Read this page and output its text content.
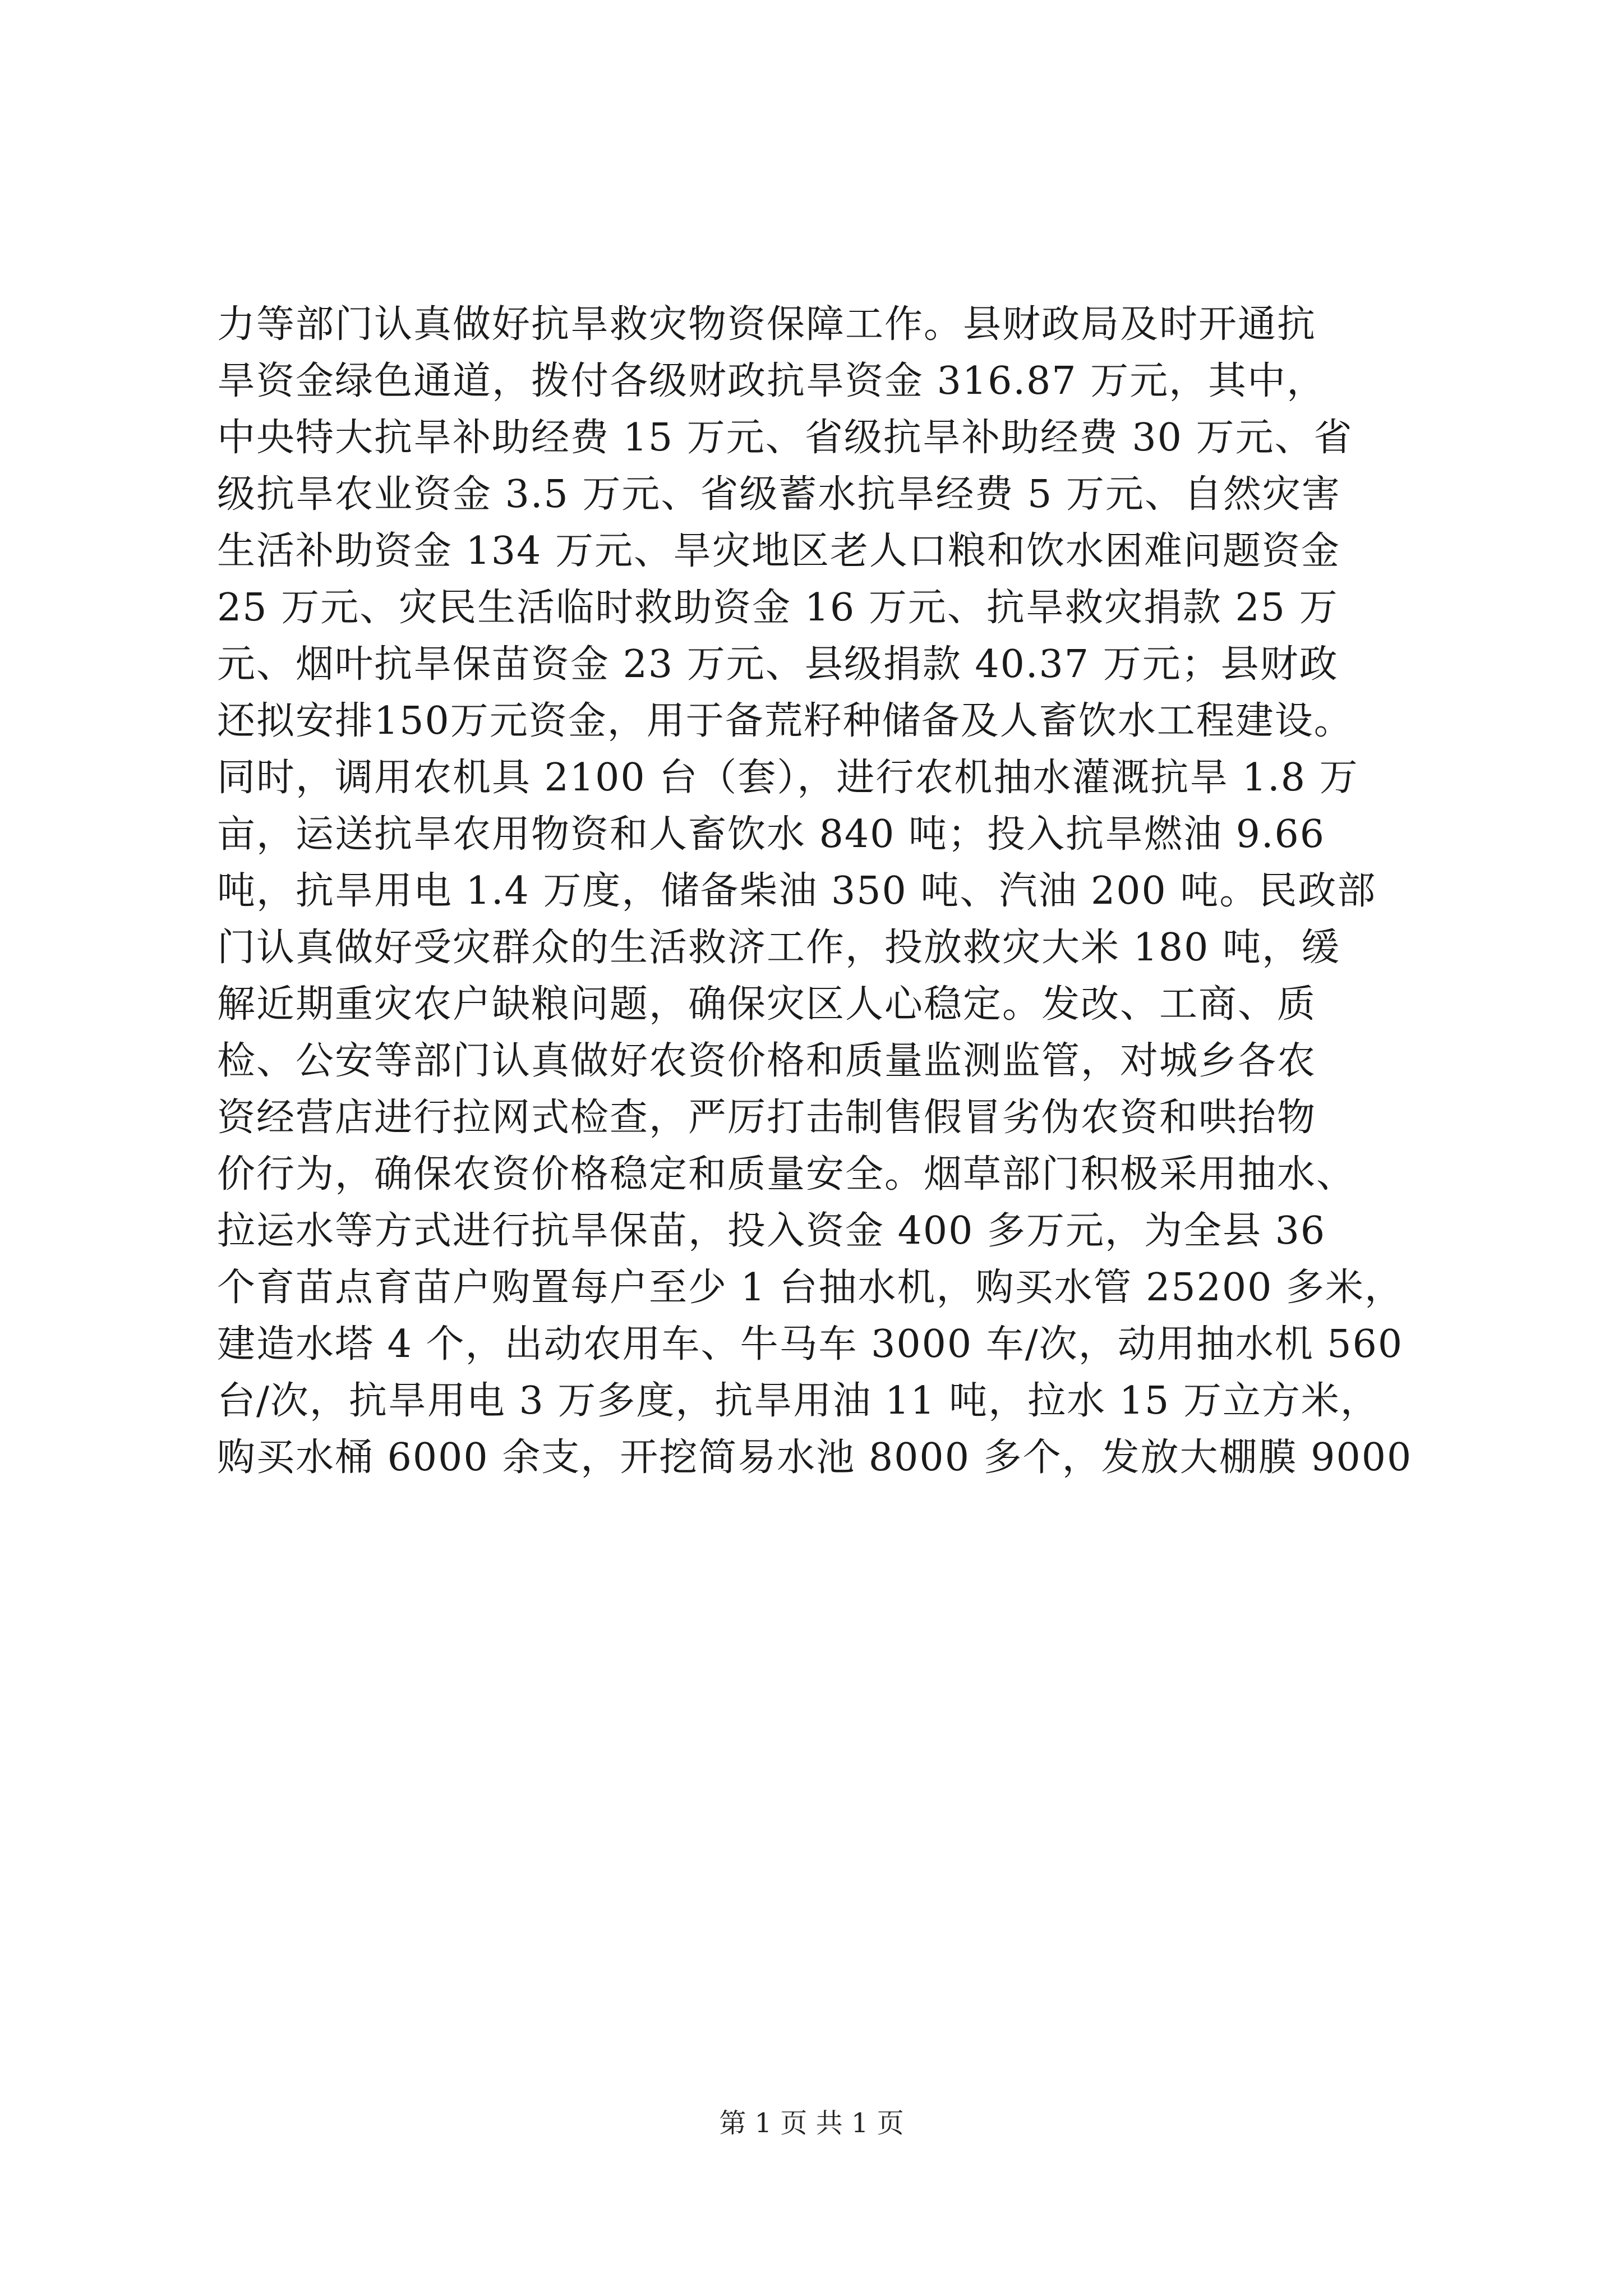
力等部门认真做好抗旱救灾物资保障工作。县财政局及时开通抗
旱资金绿色通道，拨付各级财政抗旱资金 316.87 万元，其中，
中央特大抗旱补助经费 15 万元、省级抗旱补助经费 30 万元、省
级抗旱农业资金 3.5 万元、省级蓄水抗旱经费 5 万元、自然灾害
生活补助资金 134 万元、旱灾地区老人口粮和饮水困难问题资金
25 万元、灾民生活临时救助资金 16 万元、抗旱救灾捐款 25 万
元、烟叶抗旱保苗资金 23 万元、县级捐款 40.37 万元；县财政
还拟安排150万元资金，用于备荒籽种储备及人畜饮水工程建设。
同时，调用农机具 2100 台（套），进行农机抽水灌溉抗旱 1.8 万
亩，运送抗旱农用物资和人畜饮水 840 吨；投入抗旱燃油 9.66
吨，抗旱用电 1.4 万度，储备柴油 350 吨、汽油 200 吨。民政部
门认真做好受灾群众的生活救济工作，投放救灾大米 180 吨，缓
解近期重灾农户缺粮问题，确保灾区人心稳定。发改、工商、质
检、公安等部门认真做好农资价格和质量监测监管，对城乡各农
资经营店进行拉网式检查，严厉打击制售假冒劣伪农资和哄抬物
价行为，确保农资价格稳定和质量安全。烟草部门积极采用抽水、
拉运水等方式进行抗旱保苗，投入资金 400 多万元，为全县 36
个育苗点育苗户购置每户至少 1 台抽水机，购买水管 25200 多米，
建造水塔 4 个，出动农用车、牛马车 3000 车/次，动用抽水机 560
台/次，抗旱用电 3 万多度，抗旱用油 11 吨，拉水 15 万立方米，
购买水桶 6000 余支，开挖简易水池 8000 多个，发放大棚膜 9000
第 1 页 共 1 页
